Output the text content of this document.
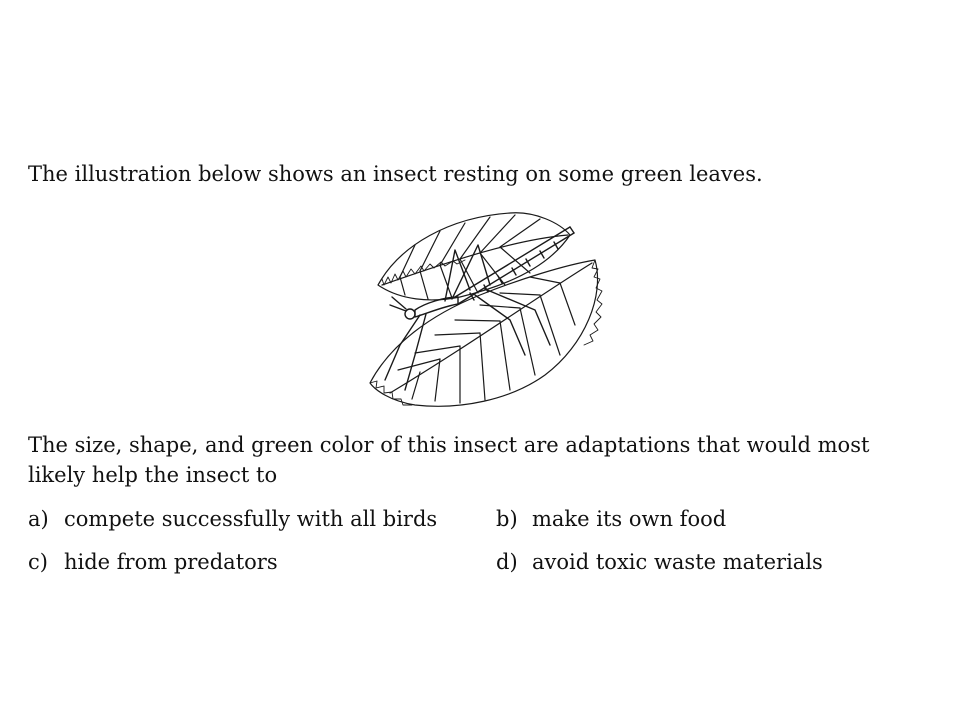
The illustration below shows an insect resting on some green leaves.
The size, shape, and green color of this insect are adaptations that would most likely help the insect to
a) compete successfully with all birds	b) make its own food
c) hide from predators	d) avoid toxic waste materials
